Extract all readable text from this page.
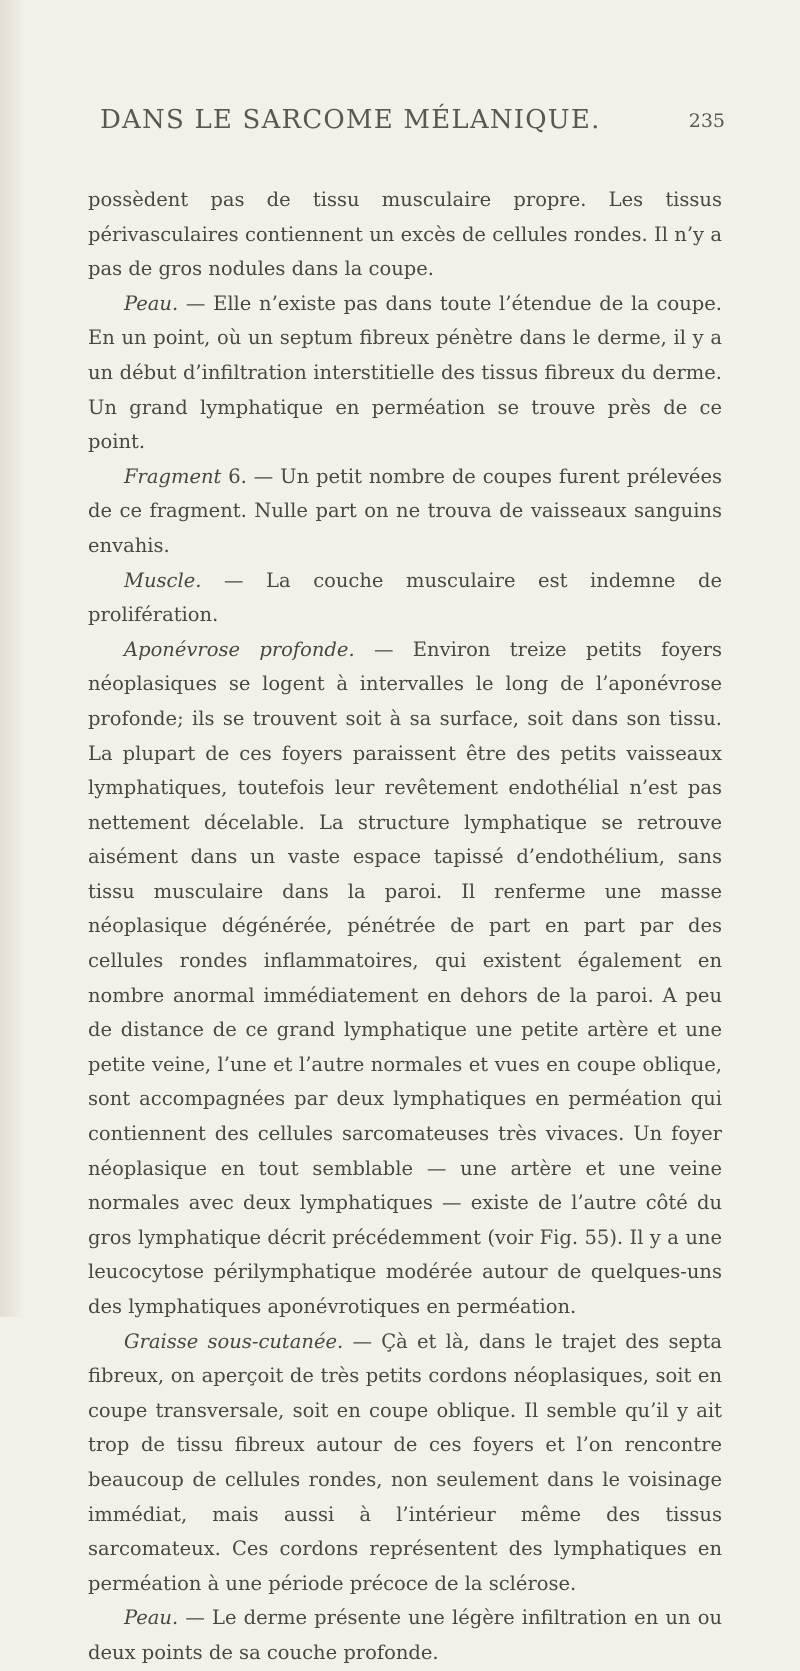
DANS LE SARCOME MÉLANIQUE.	235

possèdent pas de tissu musculaire propre. Les tissus périvasculaires contiennent un excès de cellules rondes. Il n’y a pas de gros nodules dans la coupe.

Peau. — Elle n’existe pas dans toute l’étendue de la coupe. En un point, où un septum fibreux pénètre dans le derme, il y a un début d’infiltration interstitielle des tissus fibreux du derme. Un grand lymphatique en perméation se trouve près de ce point.

Fragment 6. — Un petit nombre de coupes furent prélevées de ce fragment. Nulle part on ne trouva de vaisseaux sanguins envahis.

Muscle. — La couche musculaire est indemne de prolifération.

Aponévrose profonde. — Environ treize petits foyers néoplasiques se logent à intervalles le long de l’aponévrose profonde; ils se trouvent soit à sa surface, soit dans son tissu. La plupart de ces foyers paraissent être des petits vaisseaux lymphatiques, toutefois leur revêtement endothélial n’est pas nettement décelable. La structure lymphatique se retrouve aisément dans un vaste espace tapissé d’endothélium, sans tissu musculaire dans la paroi. Il renferme une masse néoplasique dégénérée, pénétrée de part en part par des cellules rondes inflammatoires, qui existent également en nombre anormal immédiatement en dehors de la paroi. A peu de distance de ce grand lymphatique une petite artère et une petite veine, l’une et l’autre normales et vues en coupe oblique, sont accompagnées par deux lymphatiques en perméation qui contiennent des cellules sarcomateuses très vivaces. Un foyer néoplasique en tout semblable — une artère et une veine normales avec deux lymphatiques — existe de l’autre côté du gros lymphatique décrit précédemment (voir Fig. 55). Il y a une leucocytose périlymphatique modérée autour de quelques-uns des lymphatiques aponévrotiques en perméation.

Graisse sous-cutanée. — Çà et là, dans le trajet des septa fibreux, on aperçoit de très petits cordons néoplasiques, soit en coupe transversale, soit en coupe oblique. Il semble qu’il y ait trop de tissu fibreux autour de ces foyers et l’on rencontre beaucoup de cellules rondes, non seulement dans le voisinage immédiat, mais aussi à l’intérieur même des tissus sarcomateux. Ces cordons représentent des lymphatiques en perméation à une période précoce de la sclérose.

Peau. — Le derme présente une légère infiltration en un ou deux points de sa couche profonde.
